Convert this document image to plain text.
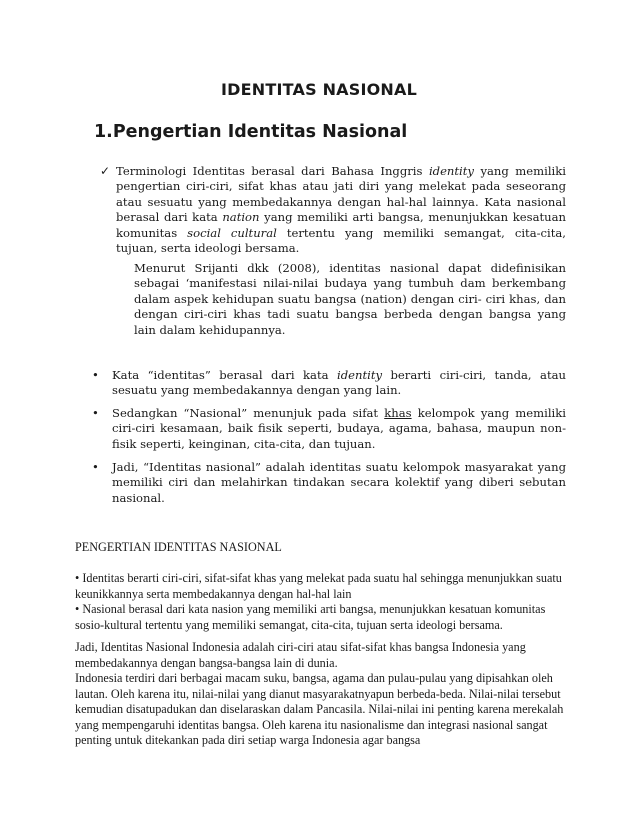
IDENTITAS NASIONAL
1.Pengertian Identitas Nasional
✓ Terminologi Identitas berasal dari Bahasa Inggris identity yang memiliki pengertian ciri-ciri, sifat khas atau jati diri yang melekat pada seseorang atau sesuatu yang membedakannya dengan hal-hal lainnya. Kata nasional berasal dari kata nation yang memiliki arti bangsa, menunjukkan kesatuan komunitas social cultural tertentu yang memiliki semangat, cita-cita, tujuan, serta ideologi bersama.
Menurut Srijanti dkk (2008), identitas nasional dapat didefinisikan sebagai ‘manifestasi nilai-nilai budaya yang tumbuh dam berkembang dalam aspek kehidupan suatu bangsa (nation) dengan ciri- ciri khas, dan dengan ciri-ciri khas tadi suatu bangsa berbeda dengan bangsa yang lain dalam kehidupannya.
• Kata “identitas” berasal dari kata identity berarti ciri-ciri, tanda, atau sesuatu yang membedakannya dengan yang lain.
• Sedangkan “Nasional” menunjuk pada sifat khas kelompok yang memiliki ciri-ciri kesamaan, baik fisik seperti, budaya, agama, bahasa, maupun non-fisik seperti, keinginan, cita-cita, dan tujuan.
• Jadi, “Identitas nasional” adalah identitas suatu kelompok masyarakat yang memiliki ciri dan melahirkan tindakan secara kolektif yang diberi sebutan nasional.
PENGERTIAN IDENTITAS NASIONAL
• Identitas berarti ciri-ciri, sifat-sifat khas yang melekat pada suatu hal sehingga menunjukkan suatu keunikkannya serta membedakannya dengan hal-hal lain
• Nasional berasal dari kata nasion yang memiliki arti bangsa, menunjukkan kesatuan komunitas sosio-kultural tertentu yang memiliki semangat, cita-cita, tujuan serta ideologi bersama.
Jadi, Identitas Nasional Indonesia adalah ciri-ciri atau sifat-sifat khas bangsa Indonesia yang membedakannya dengan bangsa-bangsa lain di dunia.
Indonesia terdiri dari berbagai macam suku, bangsa, agama dan pulau-pulau yang dipisahkan oleh lautan. Oleh karena itu, nilai-nilai yang dianut masyarakatnyapun berbeda-beda. Nilai-nilai tersebut kemudian disatupadukan dan diselaraskan dalam Pancasila. Nilai-nilai ini penting karena merekalah yang mempengaruhi identitas bangsa. Oleh karena itu nasionalisme dan integrasi nasional sangat penting untuk ditekankan pada diri setiap warga Indonesia agar bangsa
